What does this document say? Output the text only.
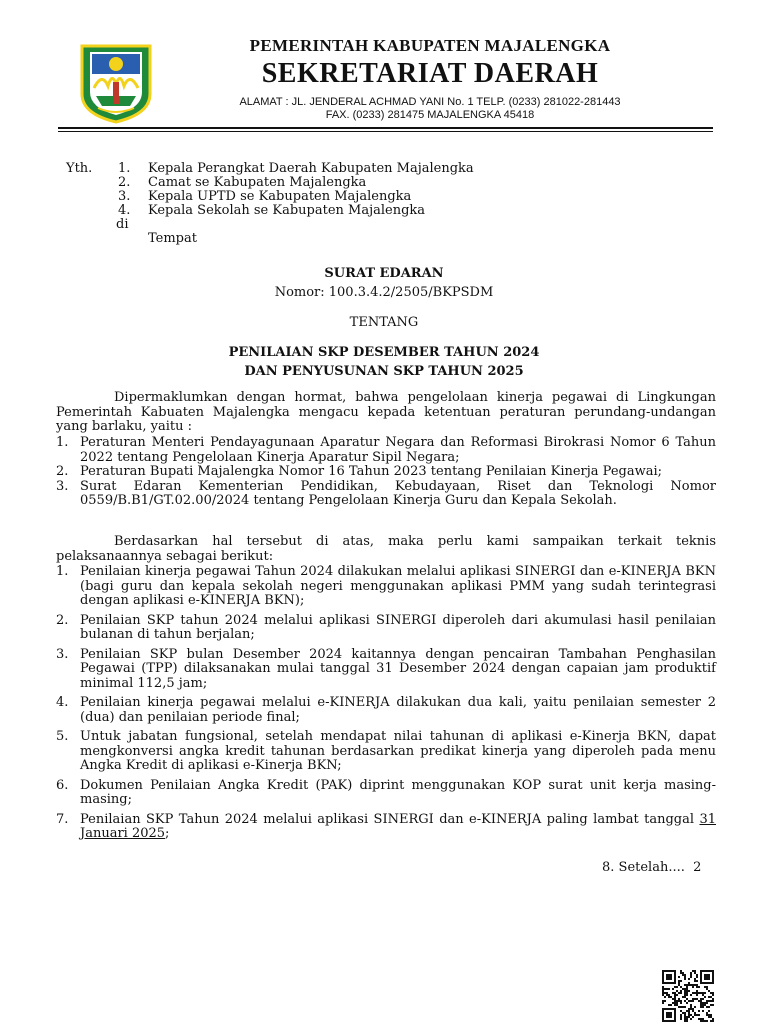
PEMERINTAH KABUPATEN MAJALENGKA
SEKRETARIAT DAERAH
ALAMAT : JL. JENDERAL ACHMAD YANI No. 1 TELP. (0233) 281022-281443
FAX. (0233) 281475 MAJALENGKA 45418
Yth. 1. Kepala Perangkat Daerah Kabupaten Majalengka
2. Camat se Kabupaten Majalengka
3. Kepala UPTD se Kabupaten Majalengka
4. Kepala Sekolah se Kabupaten Majalengka
di
Tempat
SURAT EDARAN
Nomor: 100.3.4.2/2505/BKPSDM
TENTANG
PENILAIAN SKP DESEMBER TAHUN 2024
DAN PENYUSUNAN SKP TAHUN 2025
Dipermaklumkan dengan hormat, bahwa pengelolaan kinerja pegawai di Lingkungan Pemerintah Kabuaten Majalengka mengacu kepada ketentuan peraturan perundang-undangan yang barlaku, yaitu :
1. Peraturan Menteri Pendayagunaan Aparatur Negara dan Reformasi Birokrasi Nomor 6 Tahun 2022 tentang Pengelolaan Kinerja Aparatur Sipil Negara;
2. Peraturan Bupati Majalengka Nomor 16 Tahun 2023 tentang Penilaian Kinerja Pegawai;
3. Surat Edaran Kementerian Pendidikan, Kebudayaan, Riset dan Teknologi Nomor 0559/B.B1/GT.02.00/2024 tentang Pengelolaan Kinerja Guru dan Kepala Sekolah.
Berdasarkan hal tersebut di atas, maka perlu kami sampaikan terkait teknis pelaksanaannya sebagai berikut:
1. Penilaian kinerja pegawai Tahun 2024 dilakukan melalui aplikasi SINERGI dan e-KINERJA BKN (bagi guru dan kepala sekolah negeri menggunakan aplikasi PMM yang sudah terintegrasi dengan aplikasi e-KINERJA BKN);
2. Penilaian SKP tahun 2024 melalui aplikasi SINERGI diperoleh dari akumulasi hasil penilaian bulanan di tahun berjalan;
3. Penilaian SKP bulan Desember 2024 kaitannya dengan pencairan Tambahan Penghasilan Pegawai (TPP) dilaksanakan mulai tanggal 31 Desember 2024 dengan capaian jam produktif minimal 112,5 jam;
4. Penilaian kinerja pegawai melalui e-KINERJA dilakukan dua kali, yaitu penilaian semester 2 (dua) dan penilaian periode final;
5. Untuk jabatan fungsional, setelah mendapat nilai tahunan di aplikasi e-Kinerja BKN, dapat mengkonversi angka kredit tahunan berdasarkan predikat kinerja yang diperoleh pada menu Angka Kredit di aplikasi e-Kinerja BKN;
6. Dokumen Penilaian Angka Kredit (PAK) diprint menggunakan KOP surat unit kerja masing-masing;
7. Penilaian SKP Tahun 2024 melalui aplikasi SINERGI dan e-KINERJA paling lambat tanggal 31 Januari 2025;
8. Setelah.... 2
